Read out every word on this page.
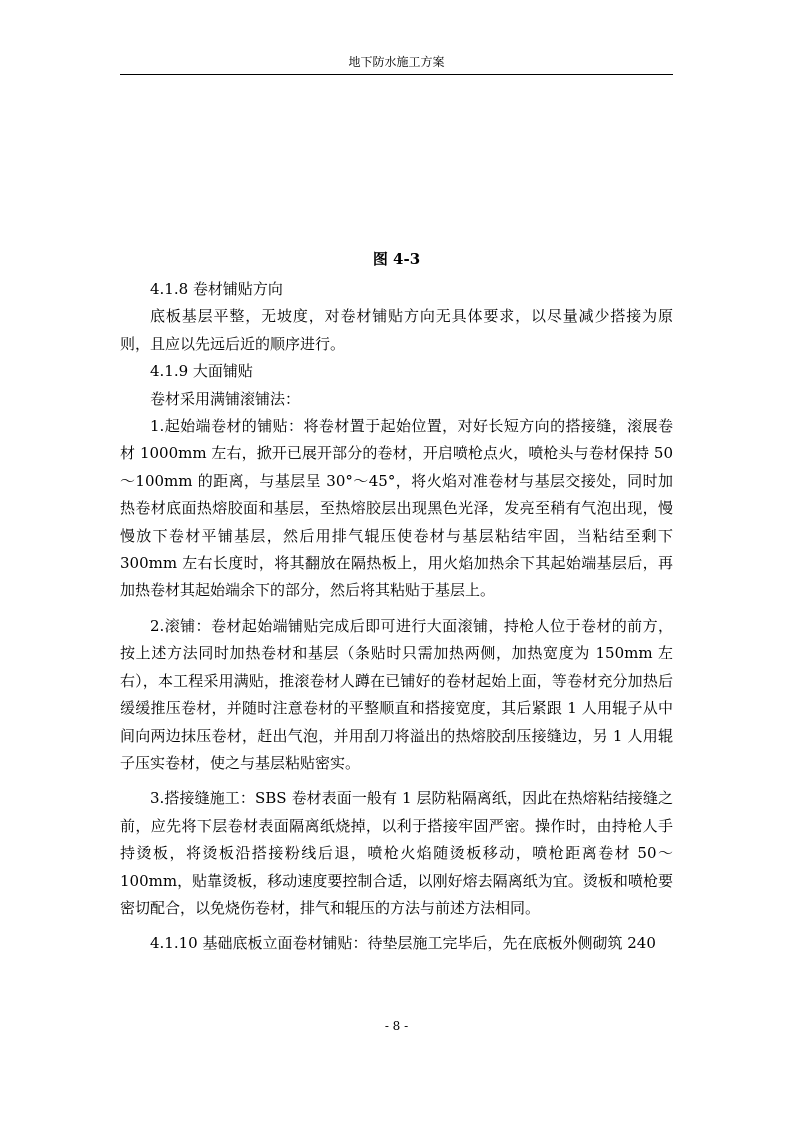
地下防水施工方案
图 4-3

4.1.8 卷材铺贴方向

底板基层平整，无坡度，对卷材铺贴方向无具体要求，以尽量减少搭接为原则，且应以先远后近的顺序进行。

4.1.9 大面铺贴

卷材采用满铺滚铺法：

1.起始端卷材的铺贴：将卷材置于起始位置，对好长短方向的搭接缝，滚展卷材 1000mm 左右，掀开已展开部分的卷材，开启喷枪点火，喷枪头与卷材保持 50～100mm 的距离，与基层呈 30°～45°，将火焰对准卷材与基层交接处，同时加热卷材底面热熔胶面和基层，至热熔胶层出现黑色光泽，发亮至稍有气泡出现，慢慢放下卷材平铺基层，然后用排气辊压使卷材与基层粘结牢固，当粘结至剩下 300mm 左右长度时，将其翻放在隔热板上，用火焰加热余下其起始端基层后，再加热卷材其起始端余下的部分，然后将其粘贴于基层上。

2.滚铺：卷材起始端铺贴完成后即可进行大面滚铺，持枪人位于卷材的前方，按上述方法同时加热卷材和基层（条贴时只需加热两侧，加热宽度为 150mm 左右），本工程采用满贴，推滚卷材人蹲在已铺好的卷材起始上面，等卷材充分加热后缓缓推压卷材，并随时注意卷材的平整顺直和搭接宽度，其后紧跟 1 人用辊子从中间向两边抹压卷材，赶出气泡，并用刮刀将溢出的热熔胶刮压接缝边，另 1 人用辊子压实卷材，使之与基层粘贴密实。

3.搭接缝施工：SBS 卷材表面一般有 1 层防粘隔离纸，因此在热熔粘结接缝之前，应先将下层卷材表面隔离纸烧掉，以利于搭接牢固严密。操作时，由持枪人手持烫板，将烫板沿搭接粉线后退，喷枪火焰随烫板移动，喷枪距离卷材 50～100mm，贴靠烫板，移动速度要控制合适，以刚好熔去隔离纸为宜。烫板和喷枪要密切配合，以免烧伤卷材，排气和辊压的方法与前述方法相同。

4.1.10 基础底板立面卷材铺贴：待垫层施工完毕后，先在底板外侧砌筑 240

- 8 -
